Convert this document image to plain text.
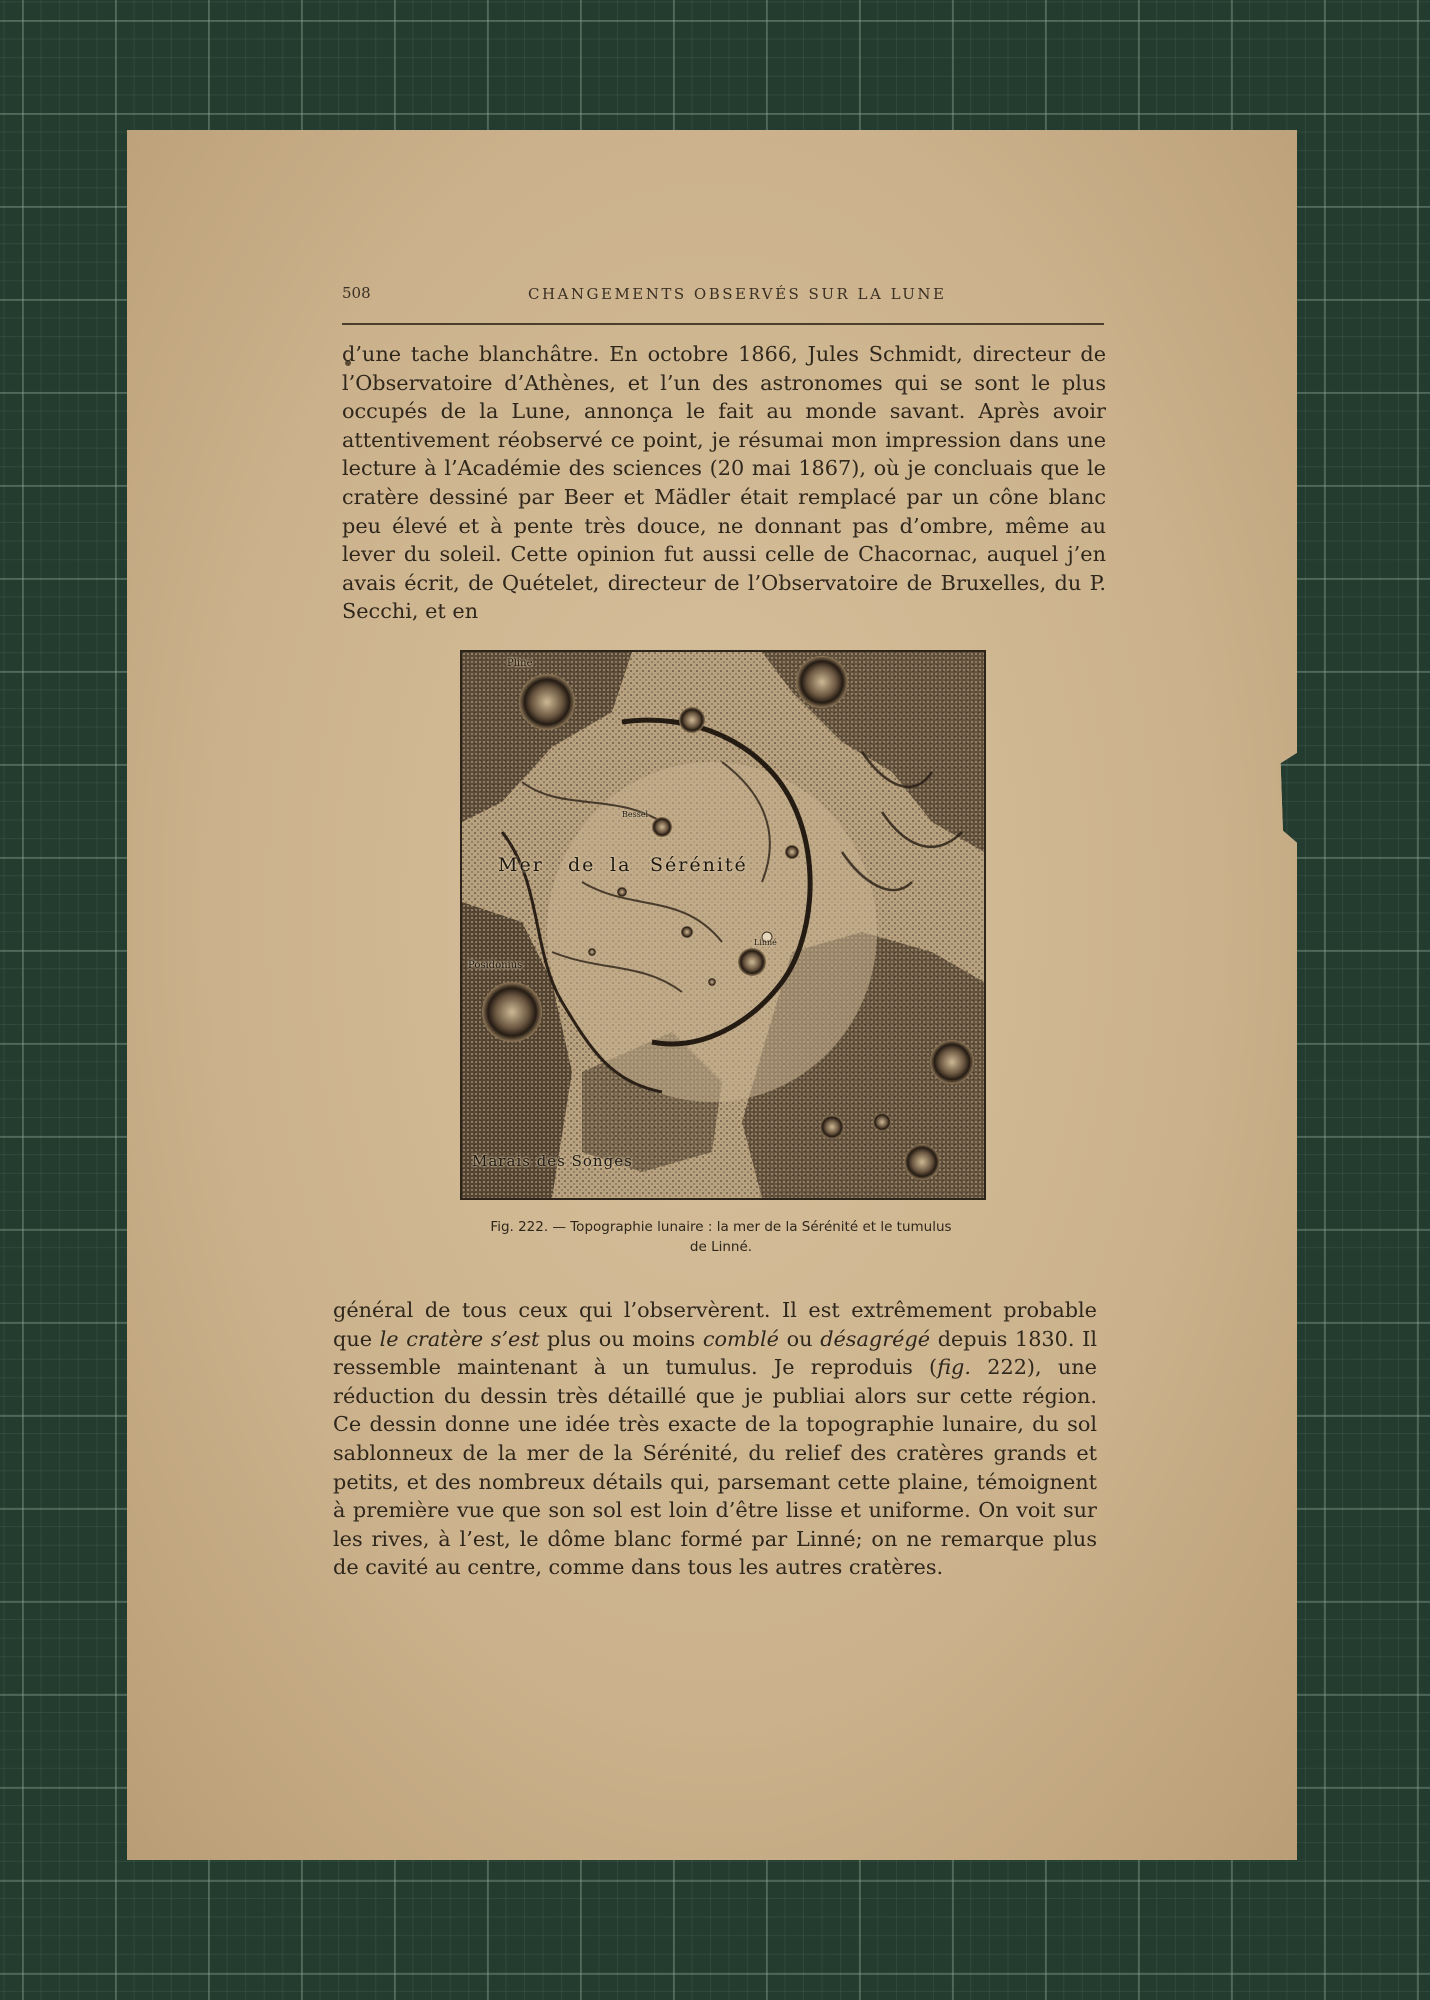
508	CHANGEMENTS OBSERVÉS SUR LA LUNE

d’une tache blanchâtre. En octobre 1866, Jules Schmidt, directeur de l’Observatoire d’Athènes, et l’un des astronomes qui se sont le plus occupés de la Lune, annonça le fait au monde savant. Après avoir attentivement réobservé ce point, je résumai mon impression dans une lecture à l’Académie des sciences (20 mai 1867), où je concluais que le cratère dessiné par Beer et Mädler était remplacé par un cône blanc peu élevé et à pente très douce, ne donnant pas d’ombre, même au lever du soleil. Cette opinion fut aussi celle de Chacornac, auquel j’en avais écrit, de Quételet, directeur de l’Observatoire de Bruxelles, du P. Secchi, et en

Pline
Bessel
Mer de la Sérénité
Linné
Posidonius
Marais des Songes
Fig. 222. — Topographie lunaire : la mer de la Sérénité et le tumulus
de Linné.

général de tous ceux qui l’observèrent. Il est extrêmement probable que le cratère s’est plus ou moins comblé ou désagrégé depuis 1830. Il ressemble maintenant à un tumulus. Je reproduis (fig. 222), une réduction du dessin très détaillé que je publiai alors sur cette région. Ce dessin donne une idée très exacte de la topographie lunaire, du sol sablonneux de la mer de la Sérénité, du relief des cratères grands et petits, et des nombreux détails qui, parsemant cette plaine, témoignent à première vue que son sol est loin d’être lisse et uniforme. On voit sur les rives, à l’est, le dôme blanc formé par Linné; on ne remarque plus de cavité au centre, comme dans tous les autres cratères.
